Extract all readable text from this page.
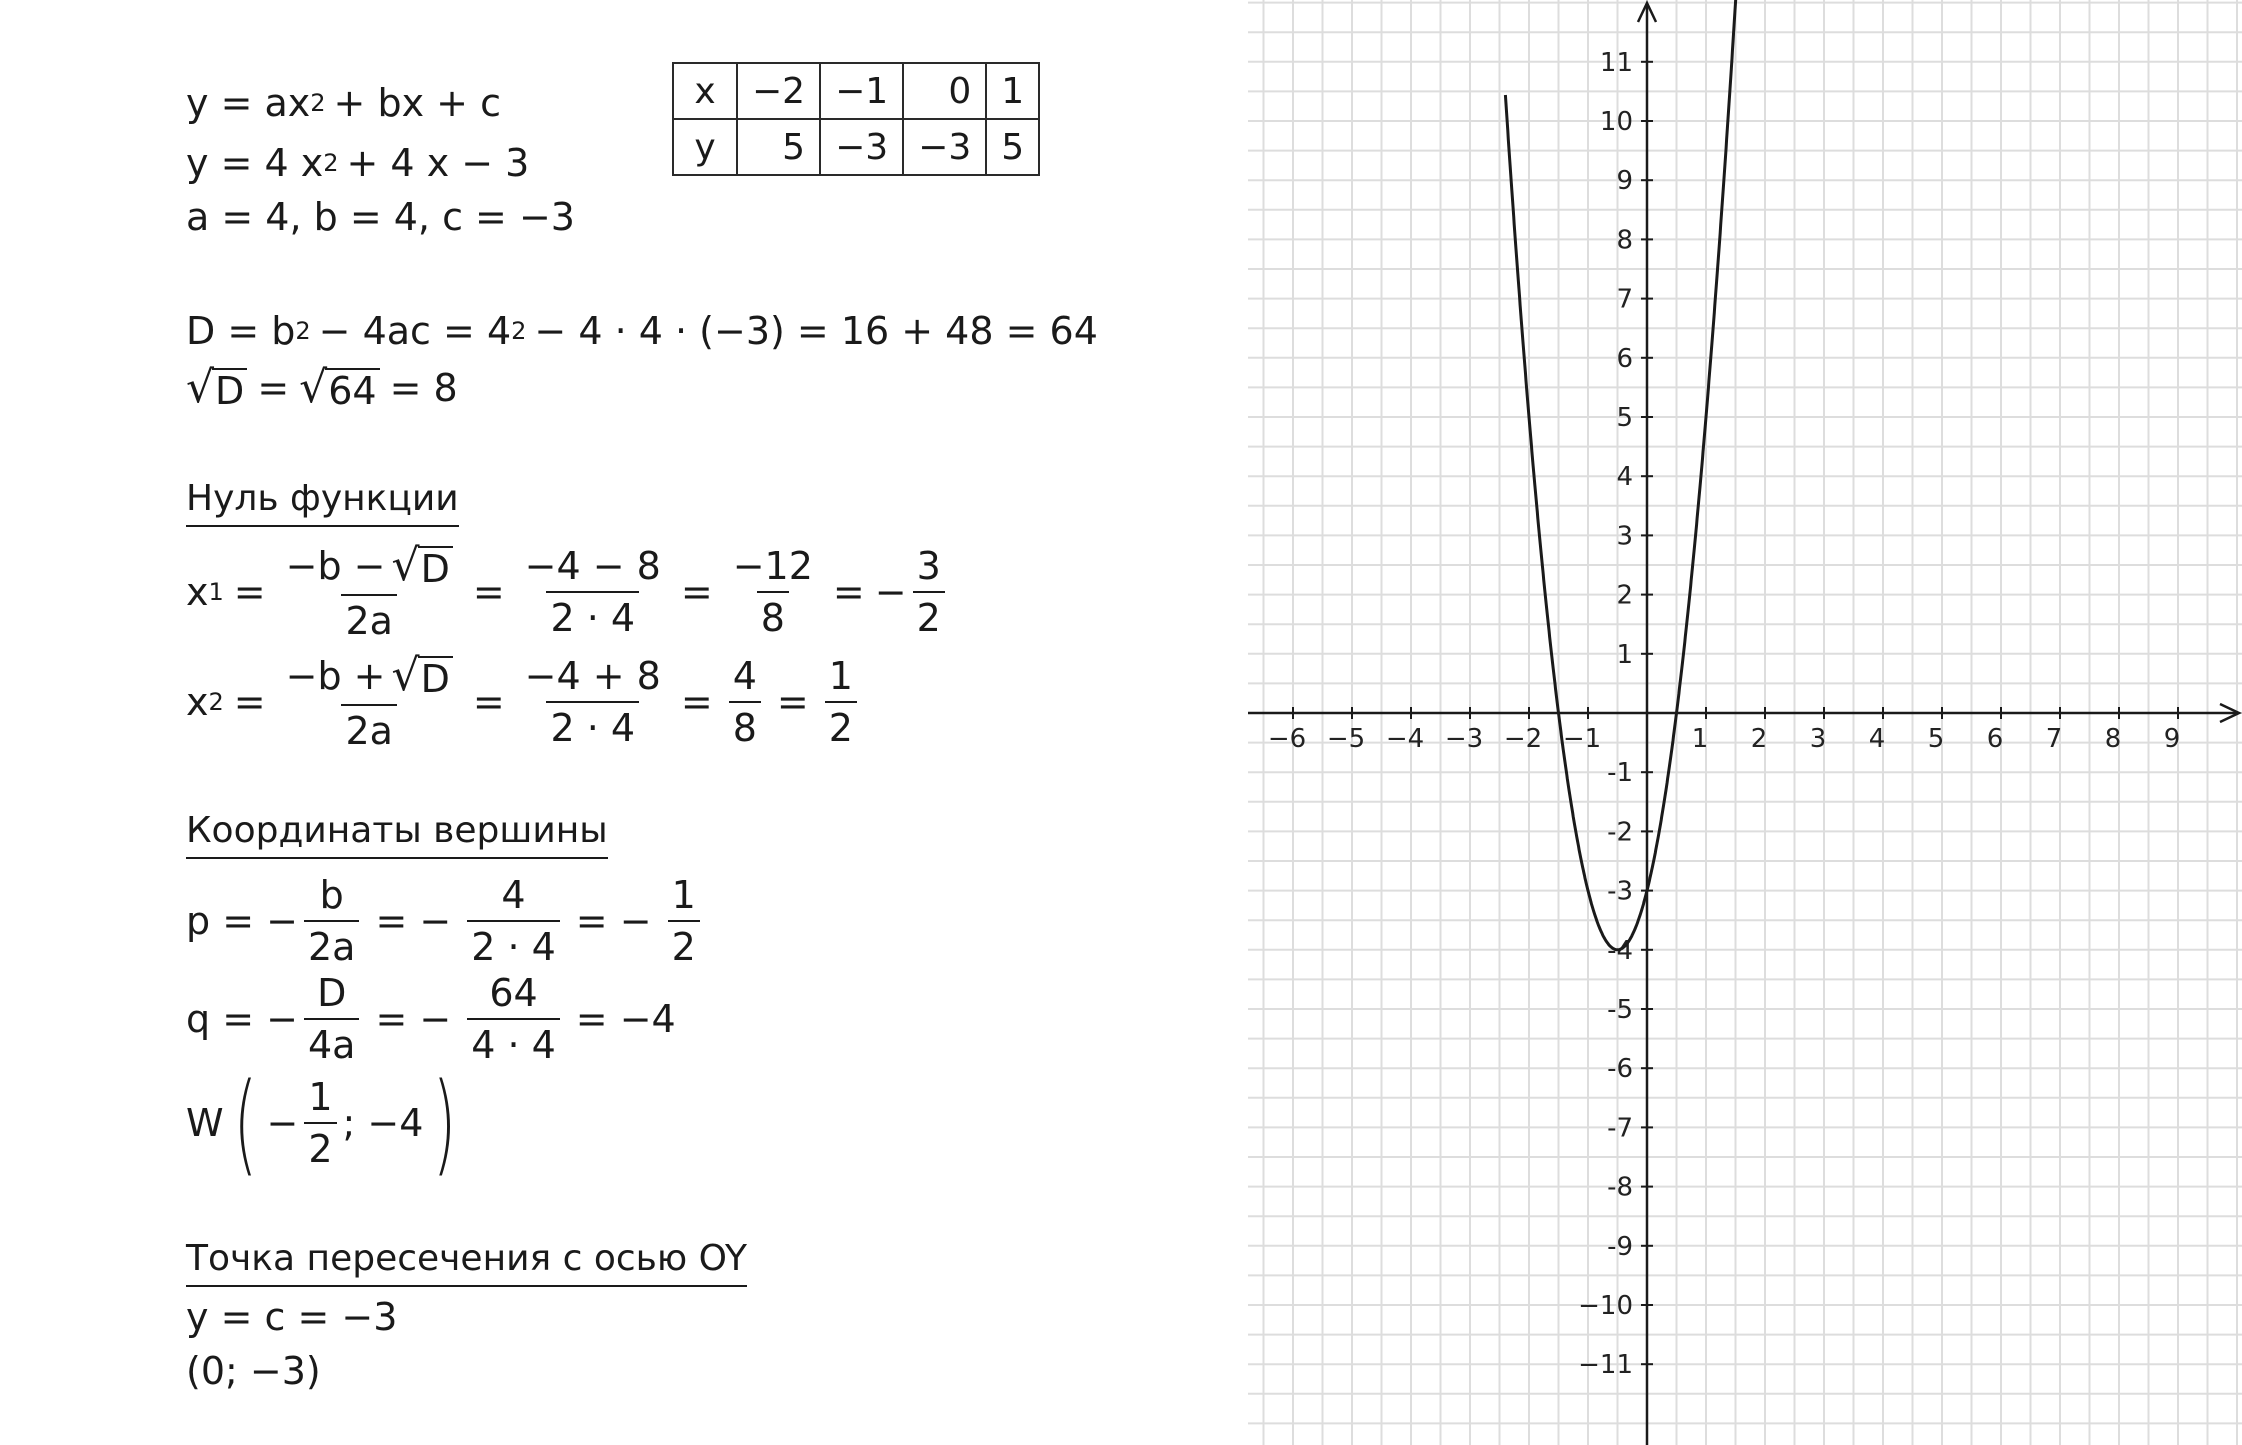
y = ax 2 + bx + c
y = 4 x 2 + 4 x − 3
a = 4, b = 4, c = −3
D = b 2 − 4ac = 4 2 − 4 · 4 · (−3) = 16 + 48 = 64
√ D = √ 64 = 8
Нуль функции
x $1 = \frac{-b - √ D}{2a} = \frac{-4 - 8}{2 \cdot 4} = \frac{-12}{8}$ = − $\frac{3}{2}$
x $2 = \frac{-b + √ D}{2a} = \frac{-4 + 8}{2 \cdot 4} = \frac{4}{8} = \frac{1}{2}$
Координаты вершины
p = − $\frac{b}{2a}$ = − $\frac{4}{2 \cdot 4}$ = − $\frac{1}{2}$
q = − $\frac{D}{4a}$ = − $\frac{64}{4 \cdot 4} = -4$
W ( − $\frac{1}{2}$ ; −4 )
Точка пересечения с осью OY
y = c = −3
(0; −3)
x	−2	−1	0	1
y	5	−3	−3	5
−6 −5 −4 −3 −2 −1	1 2 3 4 5 6 7 8 9
11
10
9
8
7
6
5
4
3
2
1
-1
-2
-3
-4
-5
-6
-7
-8
-9
−10
−11
